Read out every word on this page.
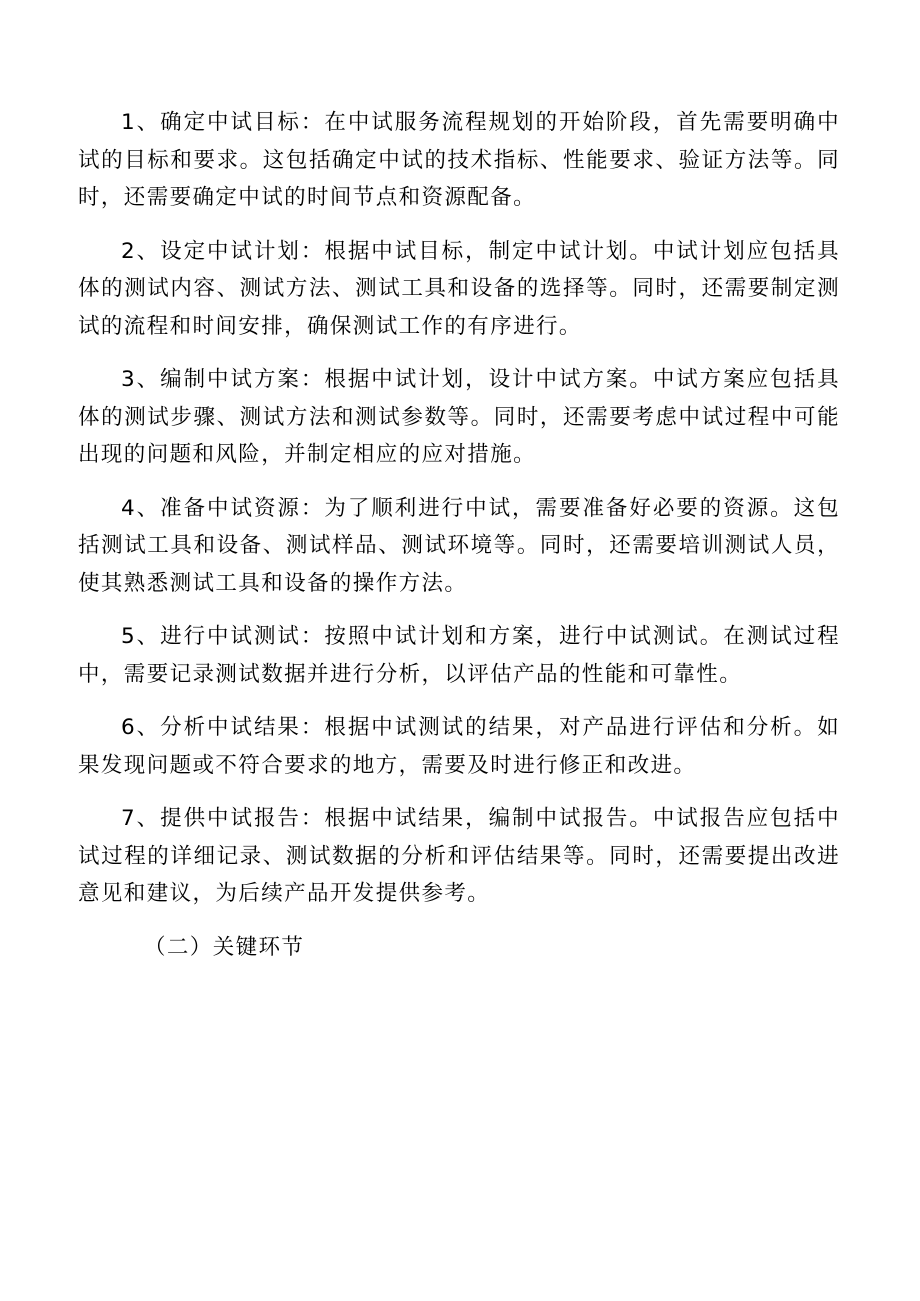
1、确定中试目标：在中试服务流程规划的开始阶段，首先需要明确中试的目标和要求。这包括确定中试的技术指标、性能要求、验证方法等。同时，还需要确定中试的时间节点和资源配备。

2、设定中试计划：根据中试目标，制定中试计划。中试计划应包括具体的测试内容、测试方法、测试工具和设备的选择等。同时，还需要制定测试的流程和时间安排，确保测试工作的有序进行。

3、编制中试方案：根据中试计划，设计中试方案。中试方案应包括具体的测试步骤、测试方法和测试参数等。同时，还需要考虑中试过程中可能出现的问题和风险，并制定相应的应对措施。

4、准备中试资源：为了顺利进行中试，需要准备好必要的资源。这包括测试工具和设备、测试样品、测试环境等。同时，还需要培训测试人员，使其熟悉测试工具和设备的操作方法。

5、进行中试测试：按照中试计划和方案，进行中试测试。在测试过程中，需要记录测试数据并进行分析，以评估产品的性能和可靠性。

6、分析中试结果：根据中试测试的结果，对产品进行评估和分析。如果发现问题或不符合要求的地方，需要及时进行修正和改进。

7、提供中试报告：根据中试结果，编制中试报告。中试报告应包括中试过程的详细记录、测试数据的分析和评估结果等。同时，还需要提出改进意见和建议，为后续产品开发提供参考。

（二）关键环节
